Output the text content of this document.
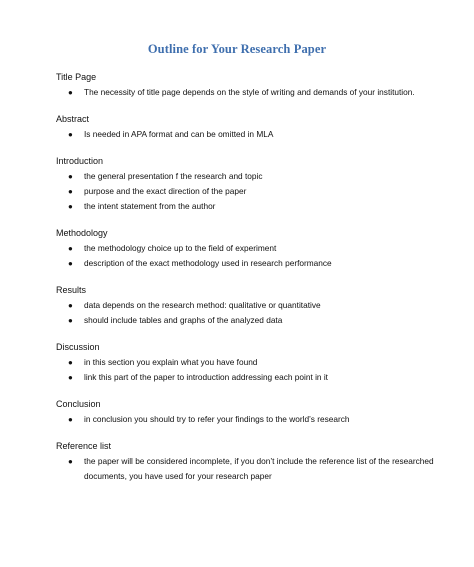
Outline for Your Research Paper
Title Page
● The necessity of title page depends on the style of writing and demands of your institution.
Abstract
● Is needed in APA format and can be omitted in MLA
Introduction
● the general presentation f the research and topic
● purpose and the exact direction of the paper
● the intent statement from the author
Methodology
● the methodology choice up to the field of experiment
● description of the exact methodology used in research performance
Results
● data depends on the research method: qualitative or quantitative
● should include tables and graphs of the analyzed data
Discussion
● in this section you explain what you have found
● link this part of the paper to introduction addressing each point in it
Conclusion
● in conclusion you should try to refer your findings to the world’s research
Reference list
● the paper will be considered incomplete, if you don’t include the reference list of the researched documents, you have used for your research paper
